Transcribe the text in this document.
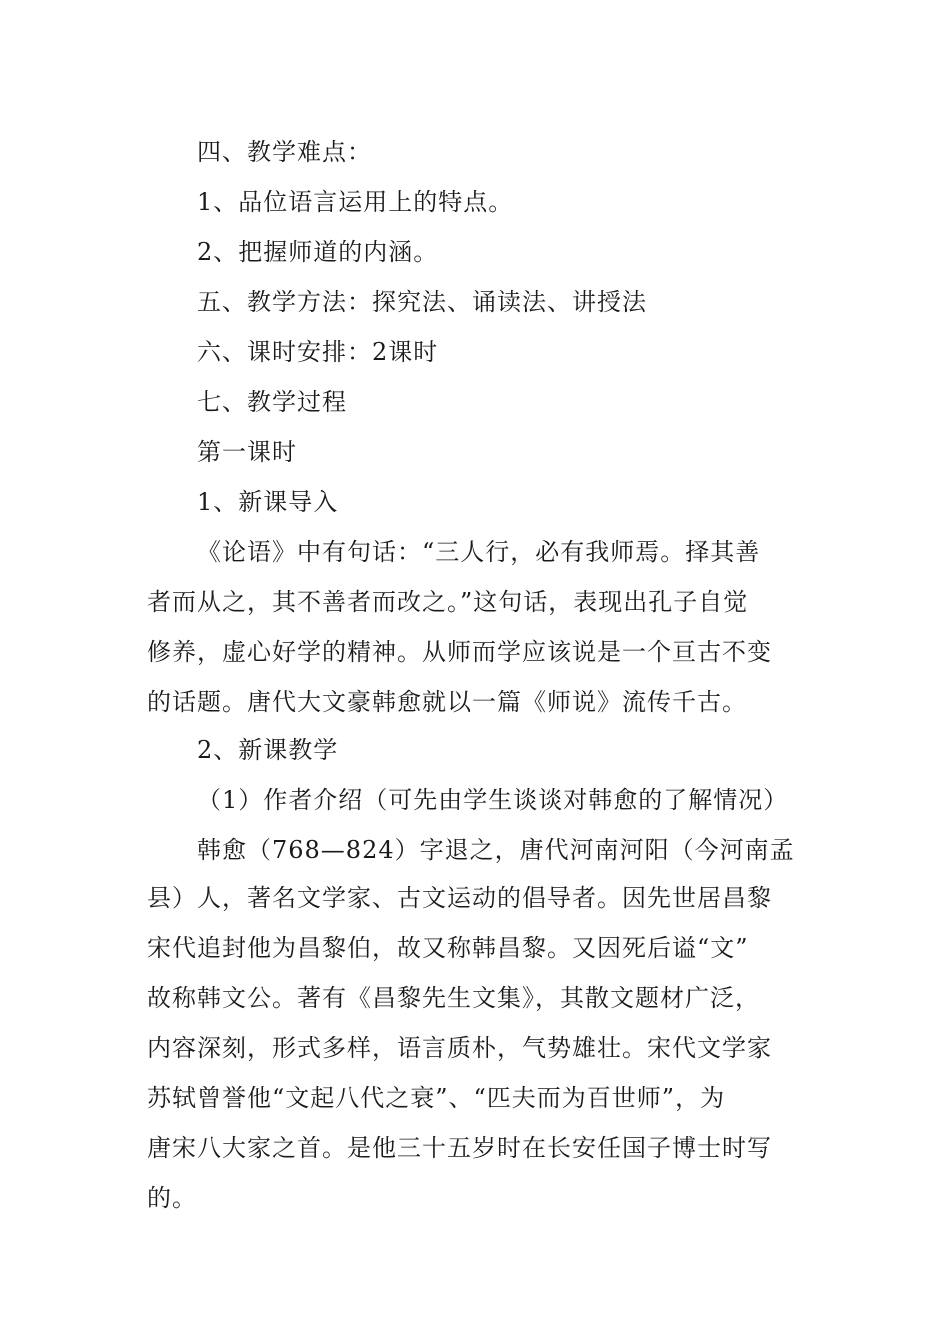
四、教学难点：
1、品位语言运用上的特点。
2、把握师道的内涵。
五、教学方法：探究法、诵读法、讲授法
六、课时安排：2课时
七、教学过程
第一课时
1、新课导入
《论语》中有句话：“三人行，必有我师焉。择其善
者而从之，其不善者而改之。”这句话，表现出孔子自觉
修养，虚心好学的精神。从师而学应该说是一个亘古不变
的话题。唐代大文豪韩愈就以一篇《师说》流传千古。
2、新课教学
（1）作者介绍（可先由学生谈谈对韩愈的了解情况）
韩愈（768—824）字退之，唐代河南河阳（今河南孟
县）人，著名文学家、古文运动的倡导者。因先世居昌黎
宋代追封他为昌黎伯，故又称韩昌黎。又因死后谥“文”
故称韩文公。著有《昌黎先生文集》，其散文题材广泛，
内容深刻，形式多样，语言质朴，气势雄壮。宋代文学家
苏轼曾誉他“文起八代之衰”、“匹夫而为百世师”，为
唐宋八大家之首。是他三十五岁时在长安任国子博士时写
的。
